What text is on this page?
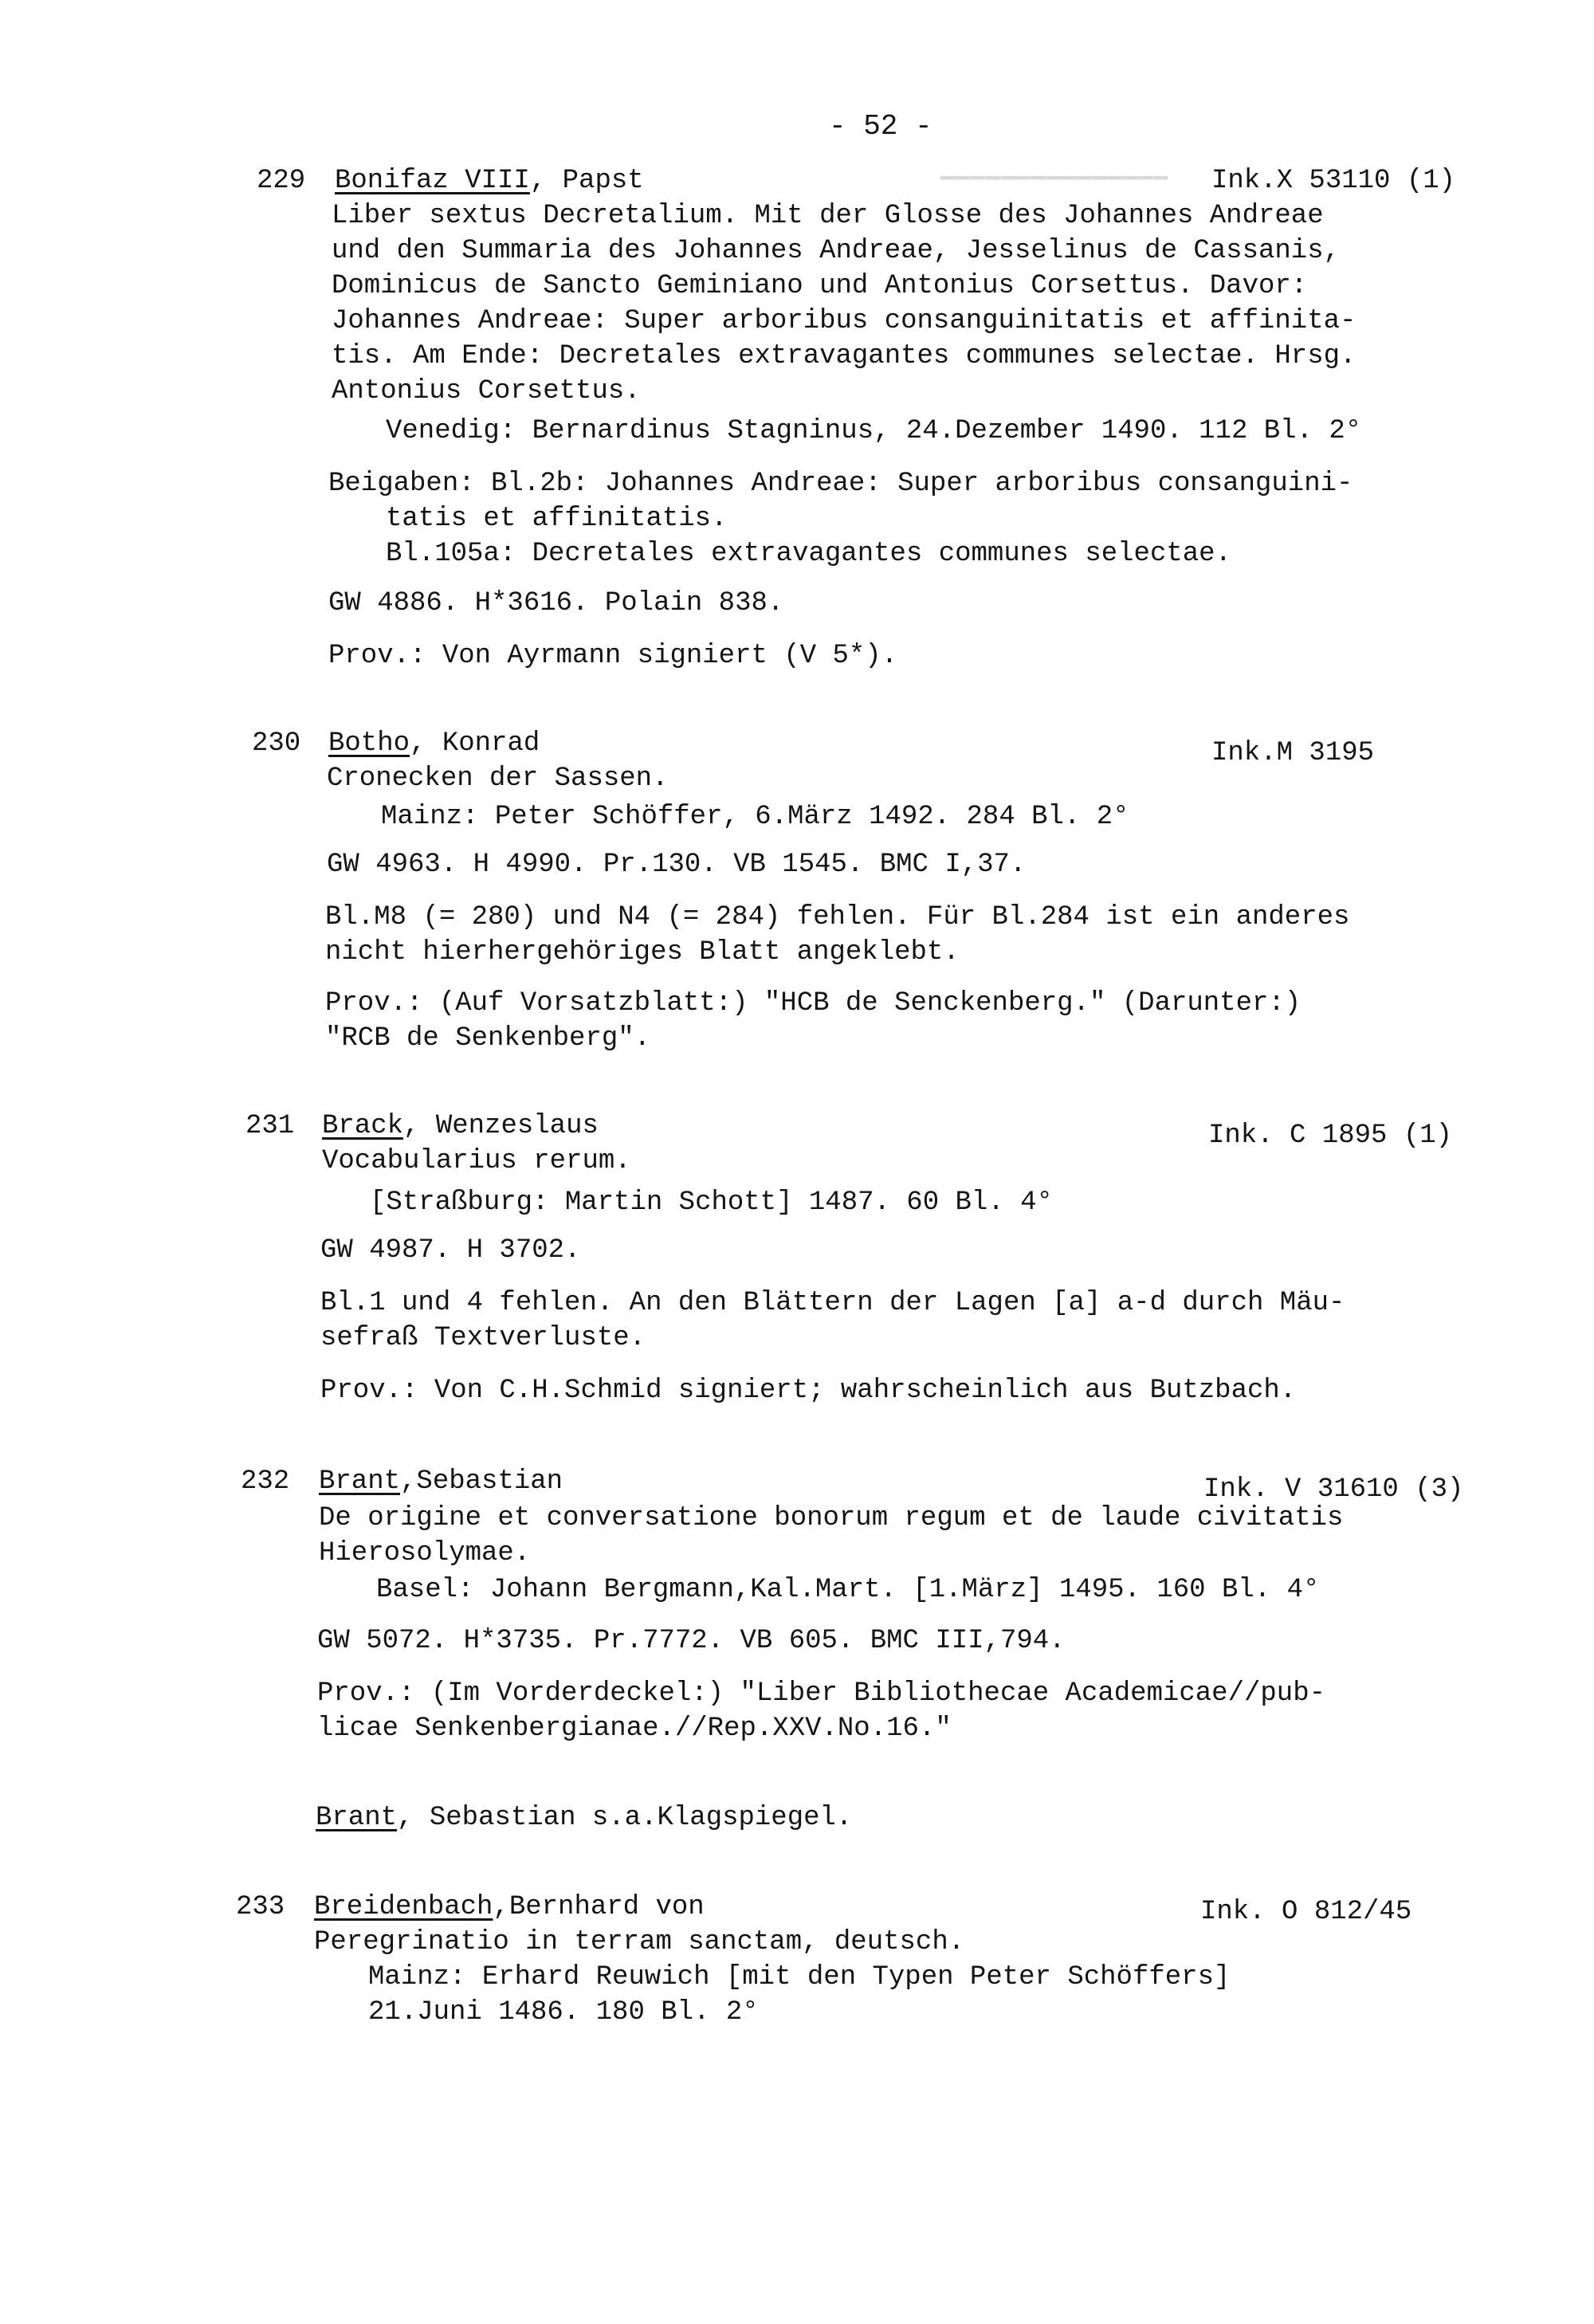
- 52 -
▁▁▁▁▁▁▁▁▁▁▁▁▁▁▁
229	Bonifaz VIII, Papst	Ink.X 53110 (1)
Liber sextus Decretalium. Mit der Glosse des Johannes Andreae
und den Summaria des Johannes Andreae, Jesselinus de Cassanis,
Dominicus de Sancto Geminiano und Antonius Corsettus. Davor:
Johannes Andreae: Super arboribus consanguinitatis et affinita-
tis. Am Ende: Decretales extravagantes communes selectae. Hrsg.
Antonius Corsettus.
Venedig: Bernardinus Stagninus, 24.Dezember 1490. 112 Bl. 2°
Beigaben: Bl.2b: Johannes Andreae: Super arboribus consanguini-
tatis et affinitatis.
Bl.105a: Decretales extravagantes communes selectae.
GW 4886. H*3616. Polain 838.
Prov.: Von Ayrmann signiert (V 5*).
230	Botho, Konrad	Ink.M 3195
Cronecken der Sassen.
Mainz: Peter Schöffer, 6.März 1492. 284 Bl. 2°
GW 4963. H 4990. Pr.130. VB 1545. BMC I,37.
Bl.M8 (= 280) und N4 (= 284) fehlen. Für Bl.284 ist ein anderes
nicht hierhergehöriges Blatt angeklebt.
Prov.: (Auf Vorsatzblatt:) "HCB de Senckenberg." (Darunter:)
"RCB de Senkenberg".
231	Brack, Wenzeslaus	Ink. C 1895 (1)
Vocabularius rerum.
[Straßburg: Martin Schott] 1487. 60 Bl. 4°
GW 4987. H 3702.
Bl.1 und 4 fehlen. An den Blättern der Lagen [a] a-d durch Mäu-
sefraß Textverluste.
Prov.: Von C.H.Schmid signiert; wahrscheinlich aus Butzbach.
232	Brant,Sebastian	Ink. V 31610 (3)
De origine et conversatione bonorum regum et de laude civitatis
Hierosolymae.
Basel: Johann Bergmann,Kal.Mart. [1.März] 1495. 160 Bl. 4°
GW 5072. H*3735. Pr.7772. VB 605. BMC III,794.
Prov.: (Im Vorderdeckel:) "Liber Bibliothecae Academicae//pub-
licae Senkenbergianae.//Rep.XXV.No.16."
Brant, Sebastian s.a.Klagspiegel.
233	Breidenbach,Bernhard von	Ink. O 812/45
Peregrinatio in terram sanctam, deutsch.
Mainz: Erhard Reuwich [mit den Typen Peter Schöffers]
21.Juni 1486. 180 Bl. 2°
